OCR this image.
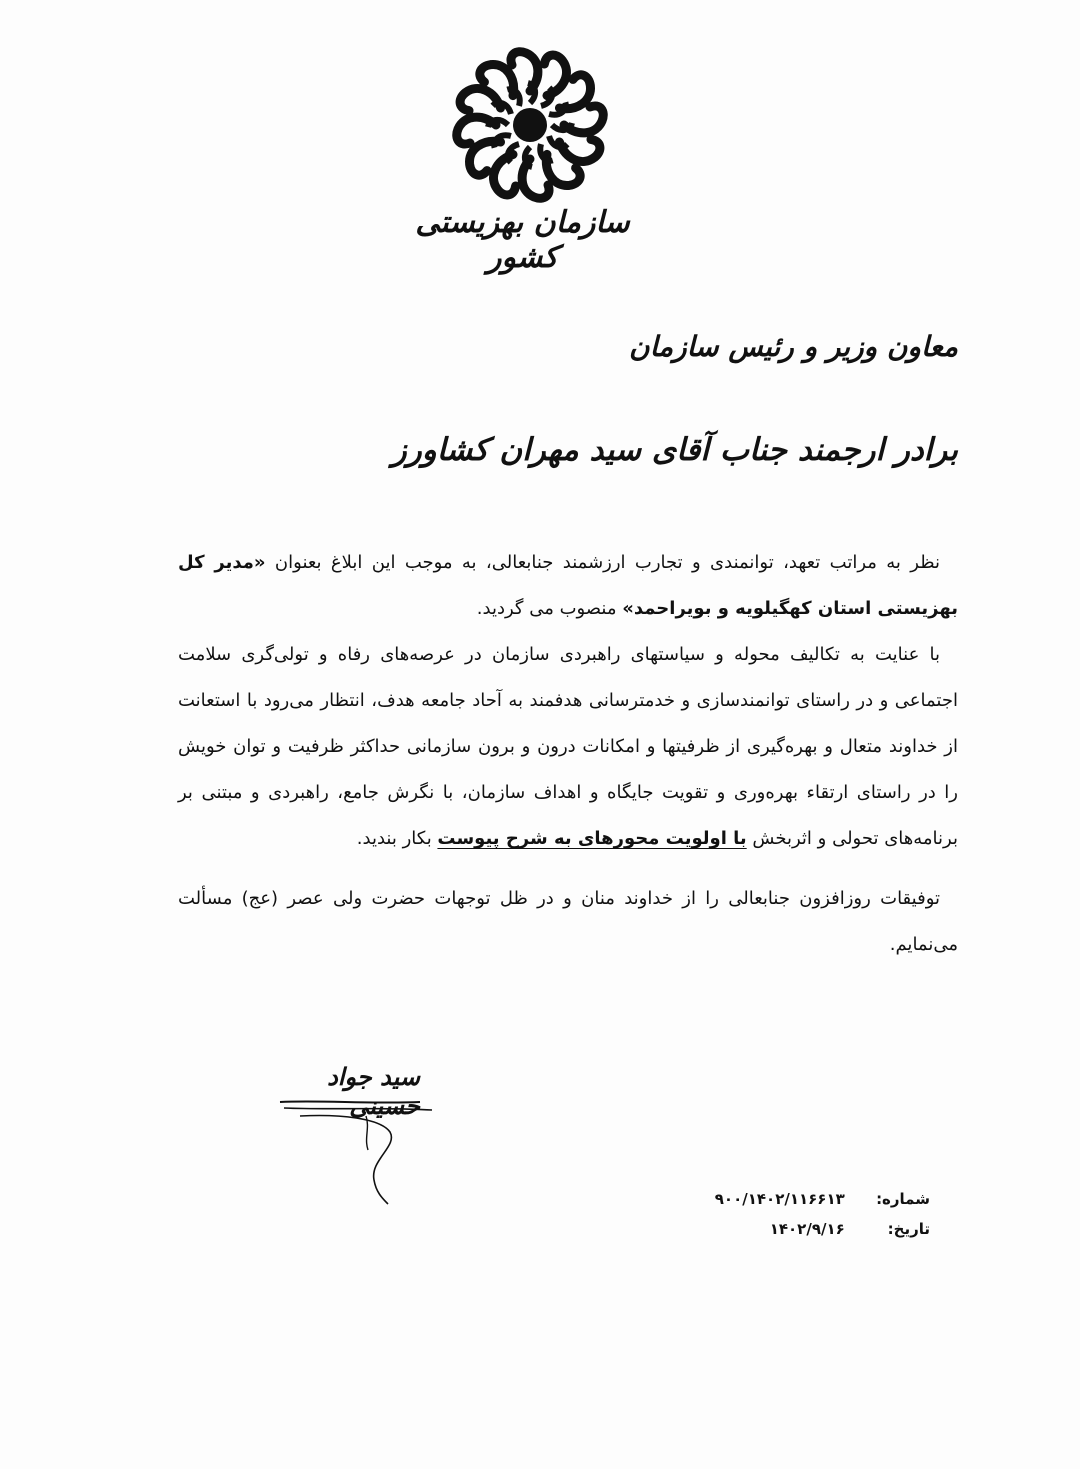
سازمان بهزیستی کشور
معاون وزیر و رئیس سازمان
برادر ارجمند جناب آقای سید مهران کشاورز

نظر به مراتب تعهد، توانمندی و تجارب ارزشمند جنابعالی، به موجب این ابلاغ بعنوان «مدیر کل بهزیستی استان کهگیلویه و بویراحمد» منصوب می گردید.

با عنایت به تکالیف محوله و سیاستهای راهبردی سازمان در عرصه‌های رفاه و تولی‌گری سلامت اجتماعی و در راستای توانمندسازی و خدمترسانی هدفمند به آحاد جامعه هدف، انتظار می‌رود با استعانت از خداوند متعال و بهره‌گیری از ظرفیتها و امکانات درون و برون سازمانی حداکثر ظرفیت و توان خویش را در راستای ارتقاء بهره‌وری و تقویت جایگاه و اهداف سازمان، با نگرش جامع، راهبردی و مبتنی بر برنامه‌های تحولی و اثربخش با اولویت محورهای به شرح پیوست بکار بندید.

توفیقات روزافزون جنابعالی را از خداوند منان و در ظل توجهات حضرت ولی عصر (عج) مسألت می‌نمایم.

سید جواد حسینی
شماره: ۹۰۰/۱۴۰۲/۱۱۶۶۱۳
تاریخ: ۱۴۰۲/۹/۱۶
